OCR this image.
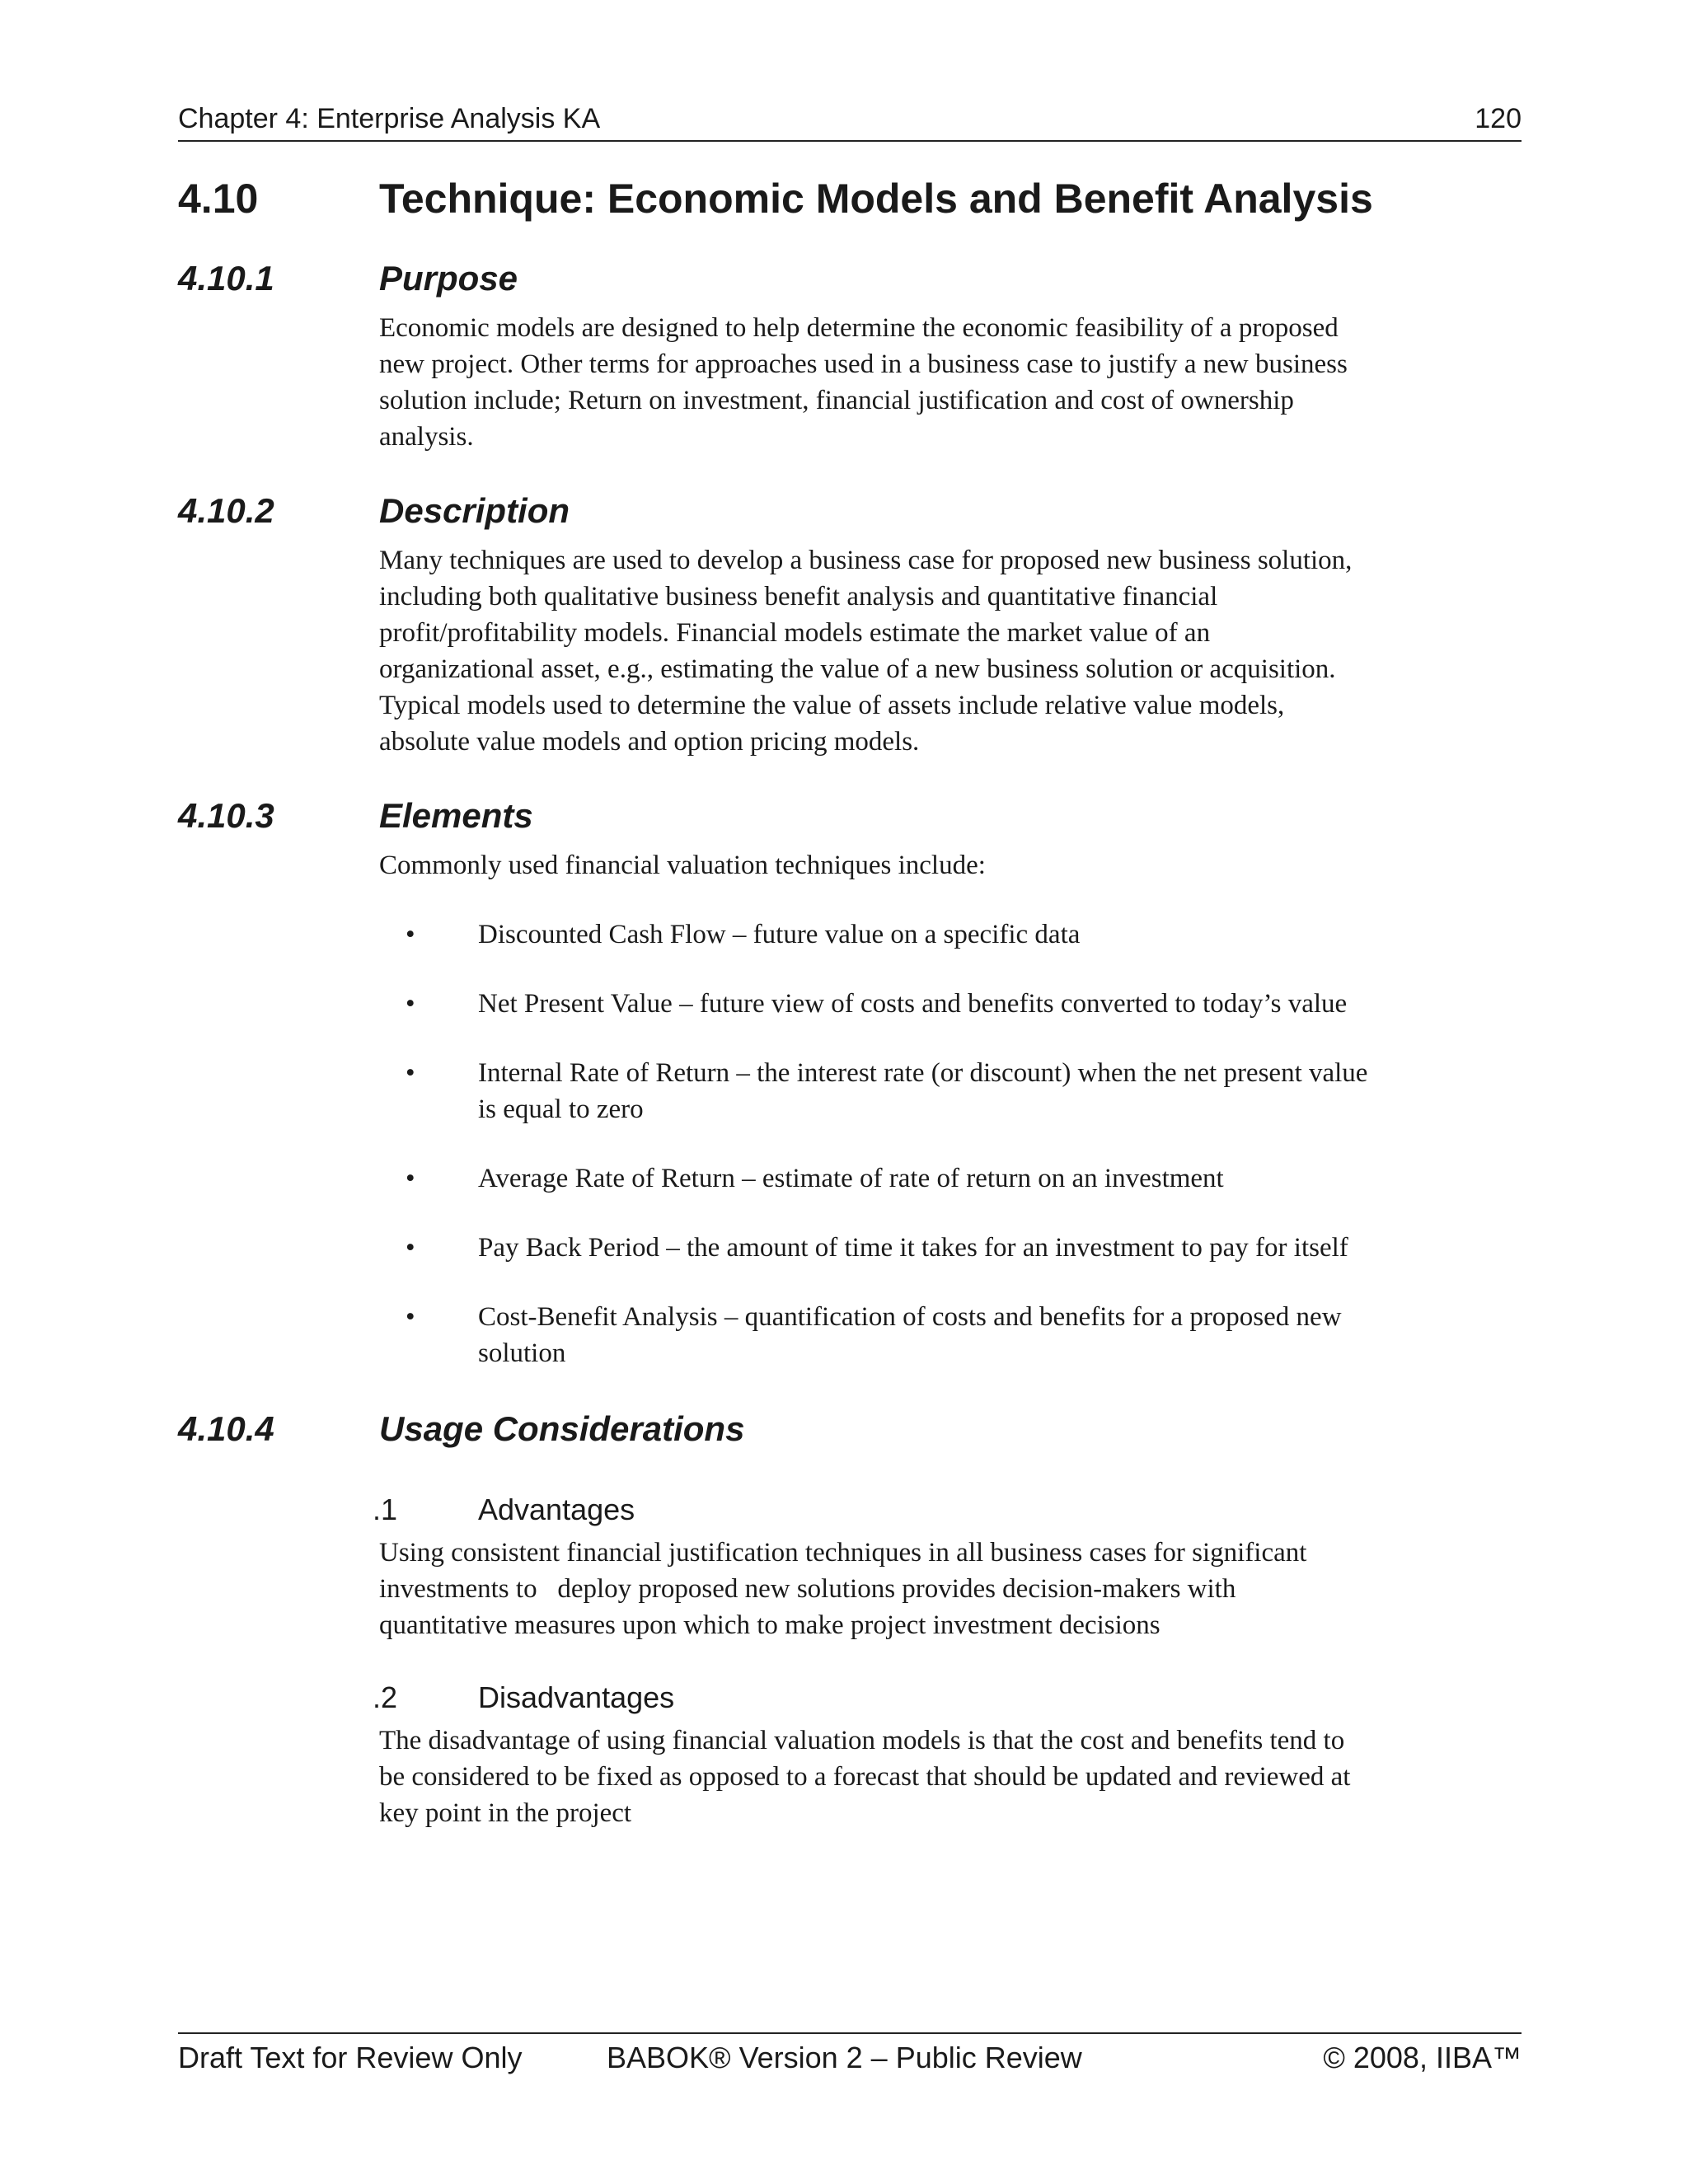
Chapter 4: Enterprise Analysis KA	120
4.10	Technique: Economic Models and Benefit Analysis
4.10.1	Purpose

Economic models are designed to help determine the economic feasibility of a proposed

new project. Other terms for approaches used in a business case to justify a new business

solution include; Return on investment, financial justification and cost of ownership

analysis.

4.10.2	Description

Many techniques are used to develop a business case for proposed new business solution,

including both qualitative business benefit analysis and quantitative financial

profit/profitability models. Financial models estimate the market value of an

organizational asset, e.g., estimating the value of a new business solution or acquisition.

Typical models used to determine the value of assets include relative value models,

absolute value models and option pricing models.

4.10.3	Elements

Commonly used financial valuation techniques include:

• Discounted Cash Flow – future value on a specific data
• Net Present Value – future view of costs and benefits converted to today’s value
• Internal Rate of Return – the interest rate (or discount) when the net present value
is equal to zero
• Average Rate of Return – estimate of rate of return on an investment
• Pay Back Period – the amount of time it takes for an investment to pay for itself
• Cost-Benefit Analysis – quantification of costs and benefits for a proposed new
solution
4.10.4	Usage Considerations
.1	Advantages

Using consistent financial justification techniques in all business cases for significant

investments to   deploy proposed new solutions provides decision-makers with

quantitative measures upon which to make project investment decisions

.2	Disadvantages

The disadvantage of using financial valuation models is that the cost and benefits tend to

be considered to be fixed as opposed to a forecast that should be updated and reviewed at

key point in the project

Draft Text for Review Only	BABOK® Version 2 – Public Review	© 2008, IIBA™
